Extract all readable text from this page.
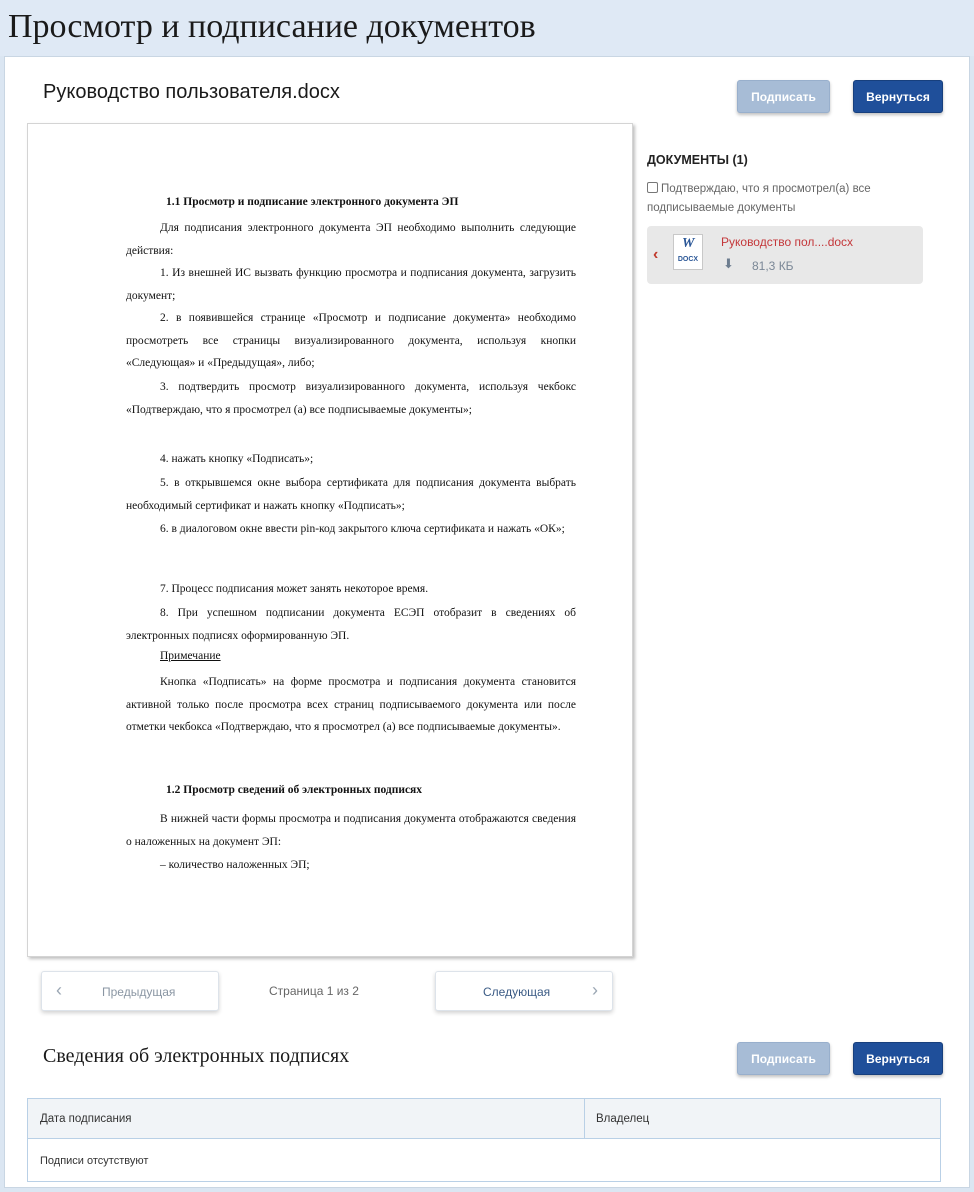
Просмотр и подписание документов
Руководство пользователя.docx	Подписать	Вернуться
1.1 Просмотр и подписание электронного документа ЭП

Для подписания электронного документа ЭП необходимо выполнить следующие действия:

1. Из внешней ИС вызвать функцию просмотра и подписания документа, загрузить документ;
2. в появившейся странице «Просмотр и подписание документа» необходимо просмотреть все страницы визуализированного документа, используя кнопки «Следующая» и «Предыдущая», либо;
3. подтвердить просмотр визуализированного документа, используя чекбокс «Подтверждаю, что я просмотрел (а) все подписываемые документы»;
4. нажать кнопку «Подписать»;
5. в открывшемся окне выбора сертификата для подписания документа выбрать необходимый сертификат и нажать кнопку «Подписать»;
6. в диалоговом окне ввести pin-код закрытого ключа сертификата и нажать «ОК»;
7. Процесс подписания может занять некоторое время.
8. При успешном подписании документа ЕСЭП отобразит в сведениях об электронных подписях оформированную ЭП.
Примечание

Кнопка «Подписать» на форме просмотра и подписания документа становится активной только после просмотра всех страниц подписываемого документа или после отметки чекбокса «Подтверждаю, что я просмотрел (а) все подписываемые документы».

1.2 Просмотр сведений об электронных подписях

В нижней части формы просмотра и подписания документа отображаются сведения о наложенных на документ ЭП:

– количество наложенных ЭП;
ДОКУМЕНТЫ (1)
Подтверждаю, что я просмотрел(а) все подписываемые документы
‹
W
DOCX
Руководство пол....docx
⬇ 81,3 КБ
‹	Предыдущая	Страница 1 из 2	Следующая ›
Сведения об электронных подписях	Подписать	Вернуться
Дата подписания	Владелец
Подписи отсутствуют
